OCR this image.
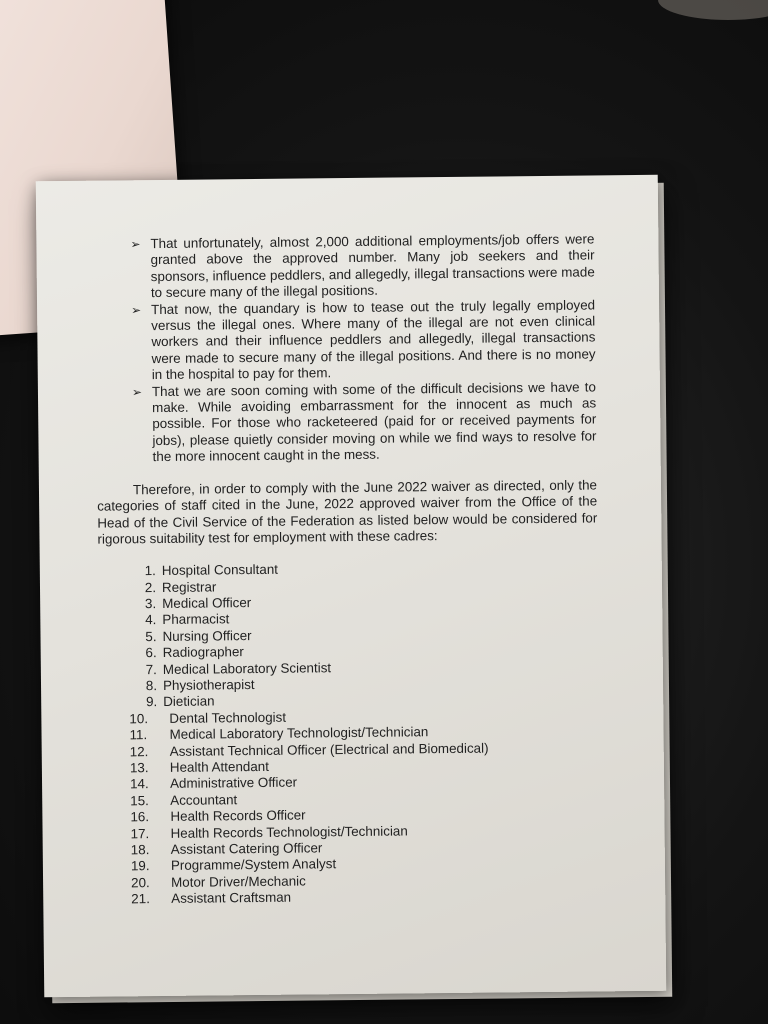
➢ That unfortunately, almost 2,000 additional employments/job offers were granted above the approved number. Many job seekers and their sponsors, influence peddlers, and allegedly, illegal transactions were made to secure many of the illegal positions.
➢ That now, the quandary is how to tease out the truly legally employed versus the illegal ones. Where many of the illegal are not even clinical workers and their influence peddlers and allegedly, illegal transactions were made to secure many of the illegal positions. And there is no money in the hospital to pay for them.
➢ That we are soon coming with some of the difficult decisions we have to make. While avoiding embarrassment for the innocent as much as possible. For those who racketeered (paid for or received payments for jobs), please quietly consider moving on while we find ways to resolve for the more innocent caught in the mess.
Therefore, in order to comply with the June 2022 waiver as directed, only the categories of staff cited in the June, 2022 approved waiver from the Office of the Head of the Civil Service of the Federation as listed below would be considered for rigorous suitability test for employment with these cadres:
1. Hospital Consultant
2. Registrar
3. Medical Officer
4. Pharmacist
5. Nursing Officer
6. Radiographer
7. Medical Laboratory Scientist
8. Physiotherapist
9. Dietician
10.	Dental Technologist
11.	Medical Laboratory Technologist/Technician
12.	Assistant Technical Officer (Electrical and Biomedical)
13.	Health Attendant
14.	Administrative Officer
15.	Accountant
16.	Health Records Officer
17.	Health Records Technologist/Technician
18.	Assistant Catering Officer
19.	Programme/System Analyst
20.	Motor Driver/Mechanic
21.	Assistant Craftsman
